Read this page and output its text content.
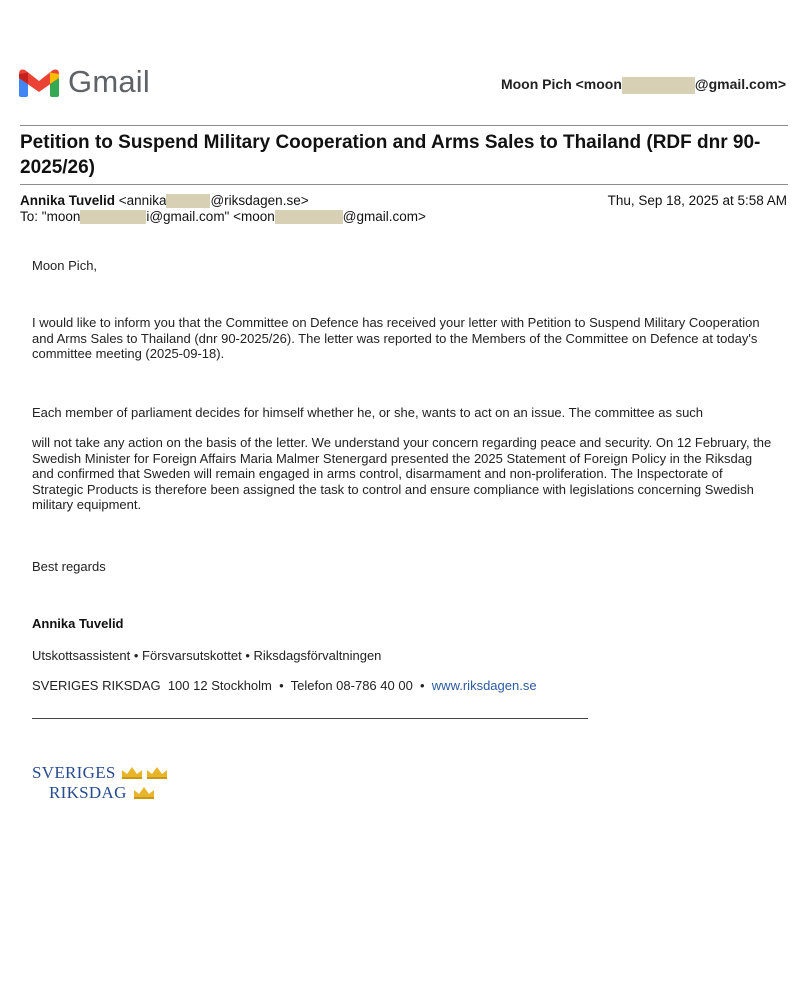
Gmail	Moon Pich <moon	@gmail.com>
Petition to Suspend Military Cooperation and Arms Sales to Thailand (RDF dnr 90-2025/26)
Annika Tuvelid <annika	@riksdagen.se>	Thu, Sep 18, 2025 at 5:58 AM
To: "moon	i@gmail.com" <moon	@gmail.com>
Moon Pich,
I would like to inform you that the Committee on Defence has received your letter with Petition to Suspend Military Cooperation and Arms Sales to Thailand (dnr 90-2025/26). The letter was reported to the Members of the Committee on Defence at today's committee meeting (2025-09-18).
Each member of parliament decides for himself whether he, or she, wants to act on an issue. The committee as such
will not take any action on the basis of the letter. We understand your concern regarding peace and security. On 12 February, the Swedish Minister for Foreign Affairs Maria Malmer Stenergard presented the 2025 Statement of Foreign Policy in the Riksdag and confirmed that Sweden will remain engaged in arms control, disarmament and non-proliferation. The Inspectorate of Strategic Products is therefore been assigned the task to control and ensure compliance with legislations concerning Swedish military equipment.
Best regards
Annika Tuvelid
Utskottsassistent • Försvarsutskottet • Riksdagsförvaltningen
SVERIGES RIKSDAG  100 12 Stockholm  •  Telefon 08-786 40 00  •  www.riksdagen.se
SVERIGES
RIKSDAG
